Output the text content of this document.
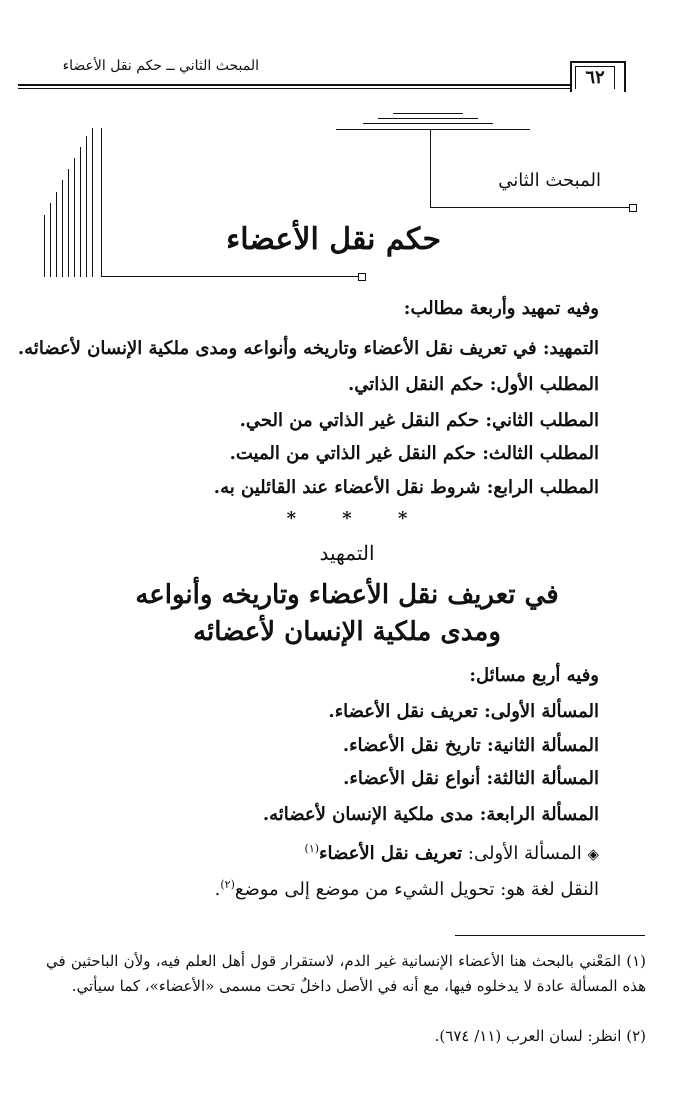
المبحث الثاني ــ حكم نقل الأعضاء
٦٢
المبحث الثاني
حكم نقل الأعضاء
وفيه تمهيد وأربعة مطالب:
التمهيد: في تعريف نقل الأعضاء وتاريخه وأنواعه ومدى ملكية الإنسان لأعضائه.
المطلب الأول: حكم النقل الذاتي.
المطلب الثاني: حكم النقل غير الذاتي من الحي.
المطلب الثالث: حكم النقل غير الذاتي من الميت.
المطلب الرابع: شروط نقل الأعضاء عند القائلين به.
* * *
التمهيد
في تعريف نقل الأعضاء وتاريخه وأنواعه
ومدى ملكية الإنسان لأعضائه
وفيه أربع مسائل:
المسألة الأولى: تعريف نقل الأعضاء.
المسألة الثانية: تاريخ نقل الأعضاء.
المسألة الثالثة: أنواع نقل الأعضاء.
المسألة الرابعة: مدى ملكية الإنسان لأعضائه.
◈ المسألة الأولى: تعريف نقل الأعضاء$^{(١)}$
النقل لغة هو: تحويل الشيء من موضع إلى موضع$^{(٢)}$.
(١) المَعْني بالبحث هنا الأعضاء الإنسانية غير الدم، لاستقرار قول أهل العلم فيه، ولأن الباحثين في هذه المسألة عادة لا يدخلوه فيها، مع أنه في الأصل داخلٌ تحت مسمى «الأعضاء»، كما سيأتي.
(٢) انظر: لسان العرب (١١/ ٦٧٤).
